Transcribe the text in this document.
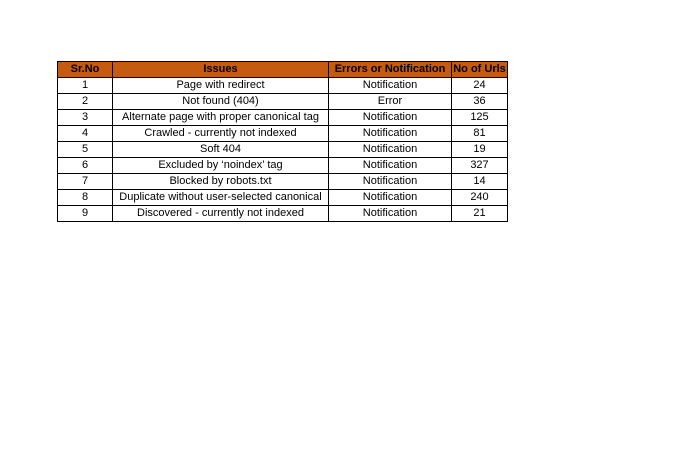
Sr.No	Issues	Errors or Notification	No of Urls
1	Page with redirect	Notification	24
2	Not found (404)	Error	36
3	Alternate page with proper canonical tag	Notification	125
4	Crawled - currently not indexed	Notification	81
5	Soft 404	Notification	19
6	Excluded by ‘noindex’ tag	Notification	327
7	Blocked by robots.txt	Notification	14
8	Duplicate without user-selected canonical	Notification	240
9	Discovered - currently not indexed	Notification	21
